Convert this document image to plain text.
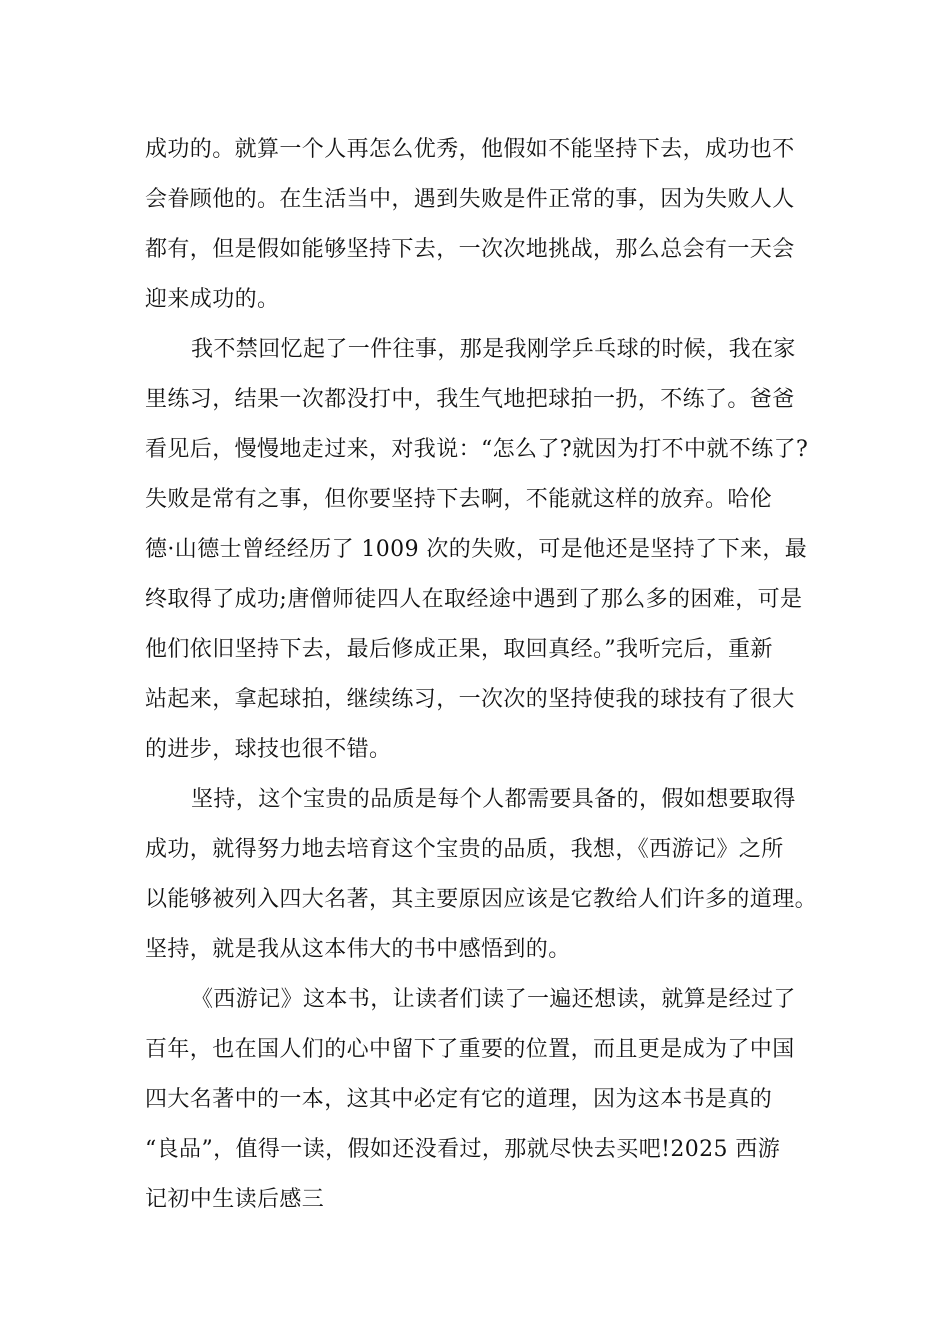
成功的。就算一个人再怎么优秀，他假如不能坚持下去，成功也不
会眷顾他的。在生活当中，遇到失败是件正常的事，因为失败人人
都有，但是假如能够坚持下去，一次次地挑战，那么总会有一天会
迎来成功的。
我不禁回忆起了一件往事，那是我刚学乒乓球的时候，我在家
里练习，结果一次都没打中，我生气地把球拍一扔，不练了。爸爸
看见后，慢慢地走过来，对我说：“怎么了?就因为打不中就不练了?
失败是常有之事，但你要坚持下去啊，不能就这样的放弃。哈伦
德·山德士曾经经历了 1009 次的失败，可是他还是坚持了下来，最
终取得了成功;唐僧师徒四人在取经途中遇到了那么多的困难，可是
他们依旧坚持下去，最后修成正果，取回真经。”我听完后，重新
站起来，拿起球拍，继续练习，一次次的坚持使我的球技有了很大
的进步，球技也很不错。
坚持，这个宝贵的品质是每个人都需要具备的，假如想要取得
成功，就得努力地去培育这个宝贵的品质，我想，《西游记》之所
以能够被列入四大名著，其主要原因应该是它教给人们许多的道理。
坚持，就是我从这本伟大的书中感悟到的。
《西游记》这本书，让读者们读了一遍还想读，就算是经过了
百年，也在国人们的心中留下了重要的位置，而且更是成为了中国
四大名著中的一本，这其中必定有它的道理，因为这本书是真的
“良品”，值得一读，假如还没看过，那就尽快去买吧!2025 西游
记初中生读后感三
